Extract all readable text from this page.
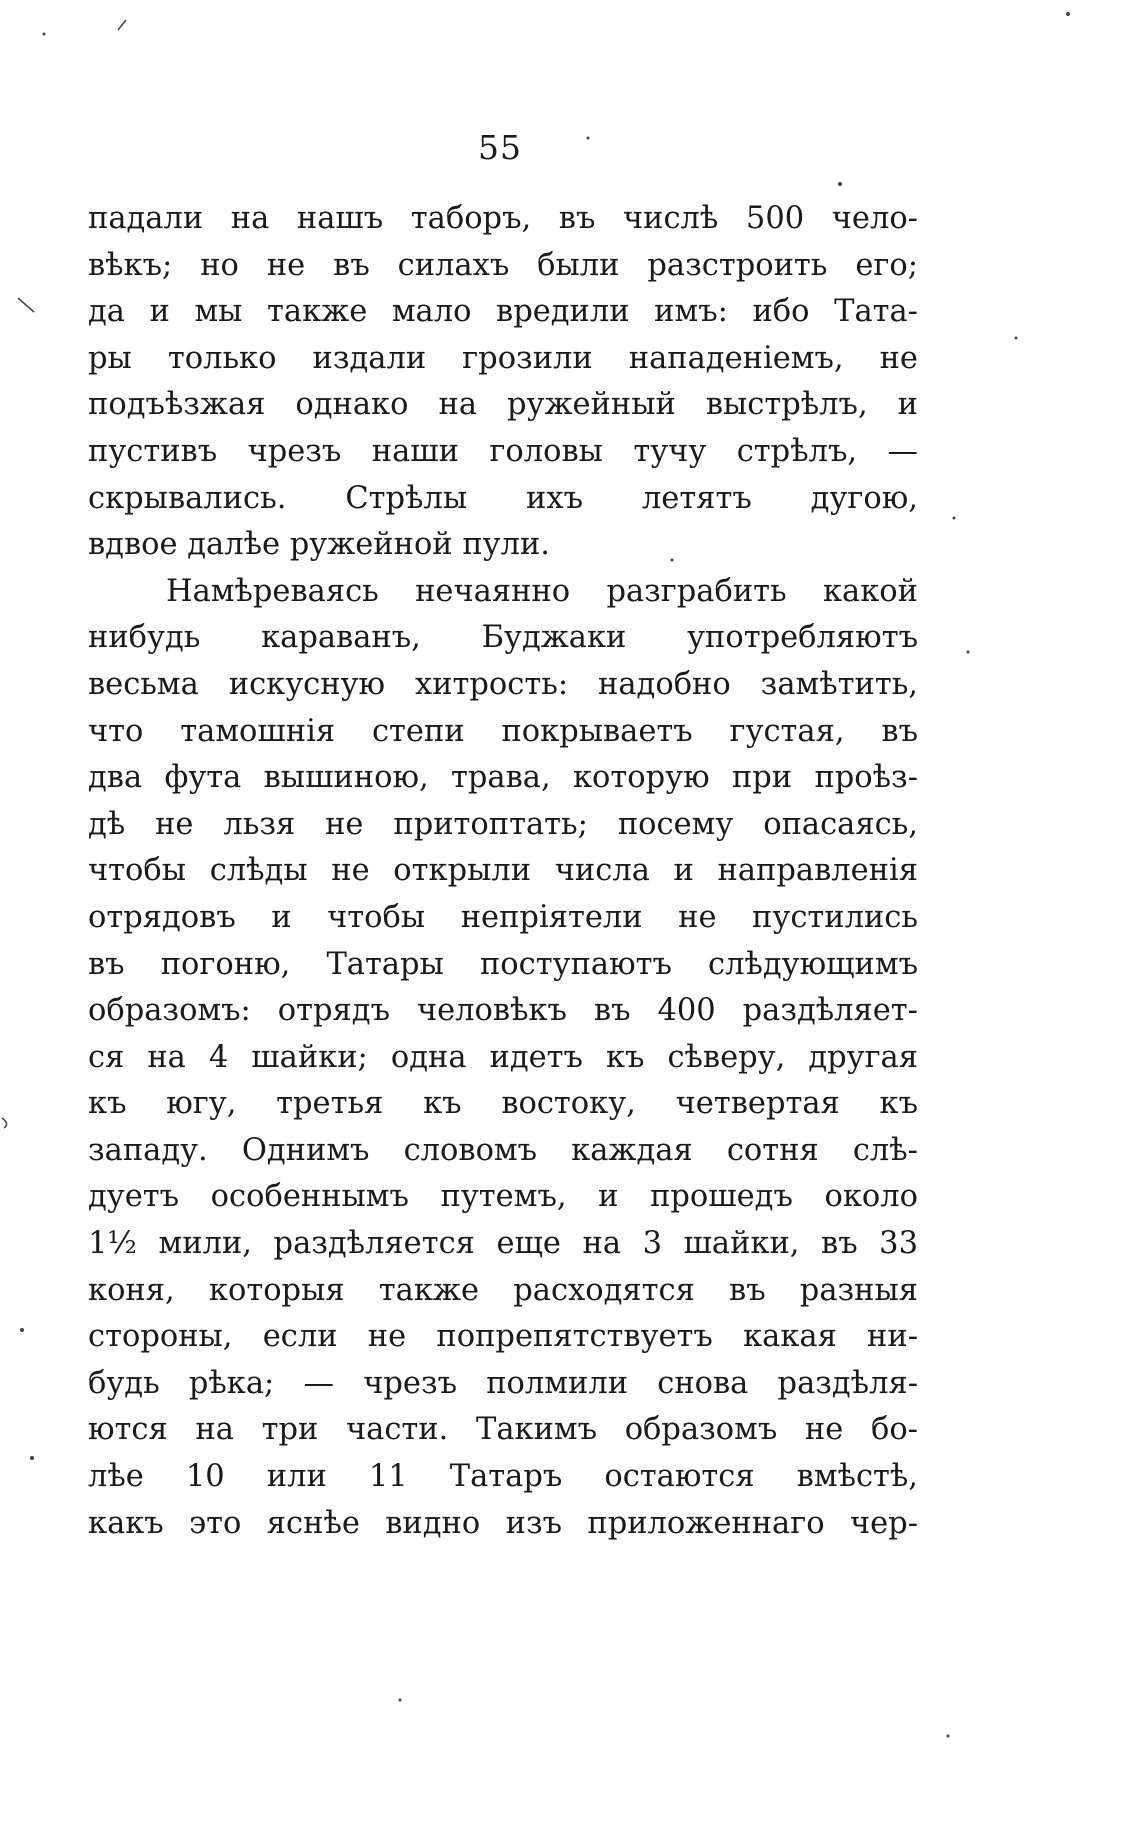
55
падали на нашъ таборъ, въ числѣ 500 чело-
вѣкъ; но не въ силахъ были разстроить его;
да и мы также мало вредили имъ: ибо Тата-
ры только издали грозили нападеніемъ, не
подъѣзжая однако на ружейный выстрѣлъ, и
пустивъ чрезъ наши головы тучу стрѣлъ, —
скрывались. Стрѣлы ихъ летятъ дугою,
вдвое далѣе ружейной пули.
Намѣреваясь нечаянно разграбить какой
нибудь караванъ, Буджаки употребляютъ
весьма искусную хитрость: надобно замѣтить,
что тамошнія степи покрываетъ густая, въ
два фута вышиною, трава, которую при проѣз-
дѣ не льзя не притоптать; посему опасаясь,
чтобы слѣды не открыли числа и направленія
отрядовъ и чтобы непріятели не пустились
въ погоню, Татары поступаютъ слѣдующимъ
образомъ: отрядъ человѣкъ въ 400 раздѣляет-
ся на 4 шайки; одна идетъ къ сѣверу, другая
къ югу, третья къ востоку, четвертая къ
западу. Однимъ словомъ каждая сотня слѣ-
дуетъ особеннымъ путемъ, и прошедъ около
1½ мили, раздѣляется еще на 3 шайки, въ 33
коня, которыя также расходятся въ разныя
стороны, если не попрепятствуетъ какая ни-
будь рѣка; — чрезъ полмили снова раздѣля-
ются на три части. Такимъ образомъ не бо-
лѣе 10 или 11 Татаръ остаются вмѣстѣ,
какъ это яснѣе видно изъ приложеннаго чер-
